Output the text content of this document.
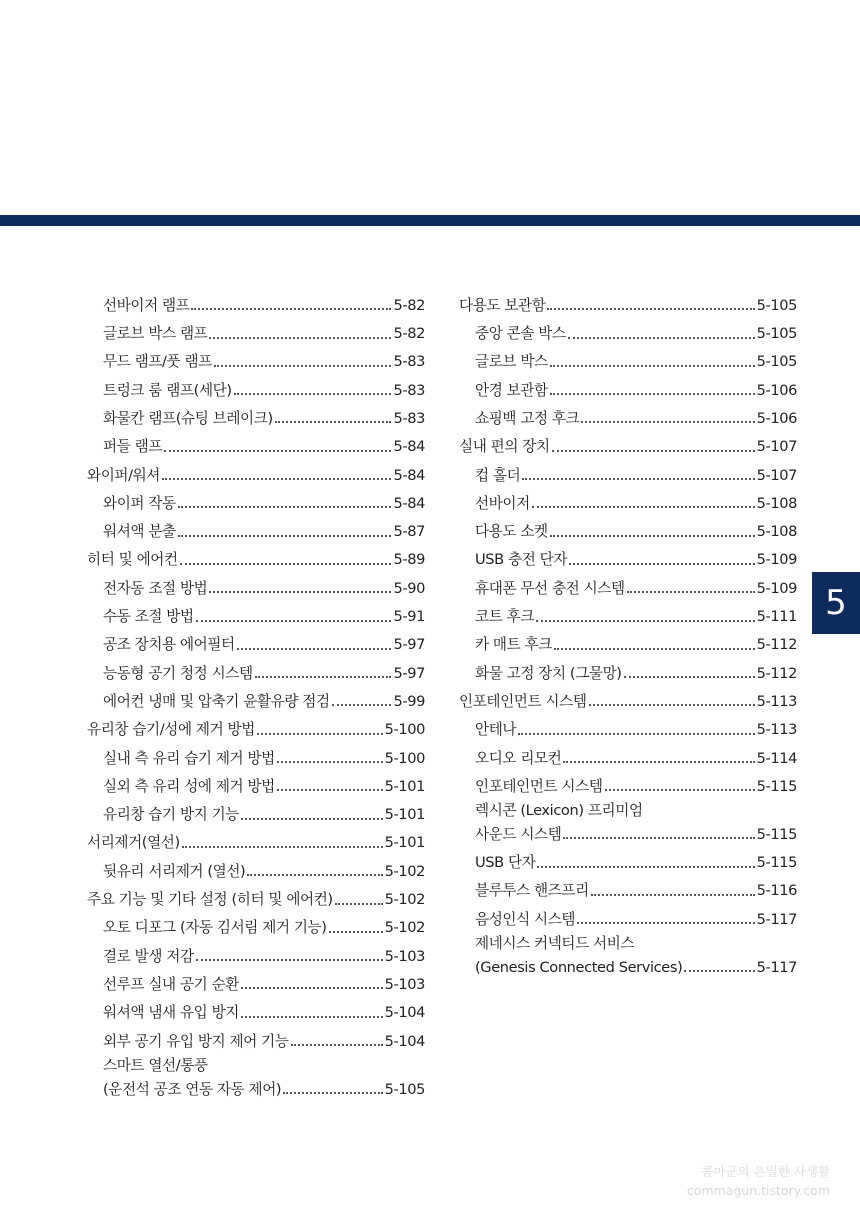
선바이저 램프	5-82
글로브 박스 램프	5-82
무드 램프/풋 램프	5-83
트렁크 룸 램프(세단)	5-83
화물칸 램프(슈팅 브레이크)	5-83
퍼들 램프	5-84
와이퍼/워셔	5-84
와이퍼 작동	5-84
워셔액 분출	5-87
히터 및 에어컨	5-89
전자동 조절 방법	5-90
수동 조절 방법	5-91
공조 장치용 에어필터	5-97
능동형 공기 청정 시스템	5-97
에어컨 냉매 및 압축기 윤활유량 점검	5-99
유리창 습기/성에 제거 방법	5-100
실내 측 유리 습기 제거 방법	5-100
실외 측 유리 성에 제거 방법	5-101
유리창 습기 방지 기능	5-101
서리제거(열선)	5-101
뒷유리 서리제거 (열선)	5-102
주요 기능 및 기타 설정 (히터 및 에어컨)	5-102
오토 디포그 (자동 김서림 제거 기능)	5-102
결로 발생 저감	5-103
선루프 실내 공기 순환	5-103
워셔액 냄새 유입 방지	5-104
외부 공기 유입 방지 제어 기능	5-104
스마트 열선/통풍
(운전석 공조 연동 자동 제어)	5-105
다용도 보관함	5-105
중앙 콘솔 박스	5-105
글로브 박스	5-105
안경 보관함	5-106
쇼핑백 고정 후크	5-106
실내 편의 장치	5-107
컵 홀더	5-107
선바이저	5-108
다용도 소켓	5-108
USB 충전 단자	5-109
휴대폰 무선 충전 시스템	5-109
코트 후크	5-111
카 매트 후크	5-112
화물 고정 장치 (그물망)	5-112
인포테인먼트 시스템	5-113
안테나	5-113
오디오 리모컨	5-114
인포테인먼트 시스템	5-115
렉시콘 (Lexicon) 프리미엄
사운드 시스템	5-115
USB 단자	5-115
블루투스 핸즈프리	5-116
음성인식 시스템	5-117
제네시스 커넥티드 서비스
(Genesis Connected Services)	5-117
5
콤마군의 은밀한 사생활
commagun.tistory.com
